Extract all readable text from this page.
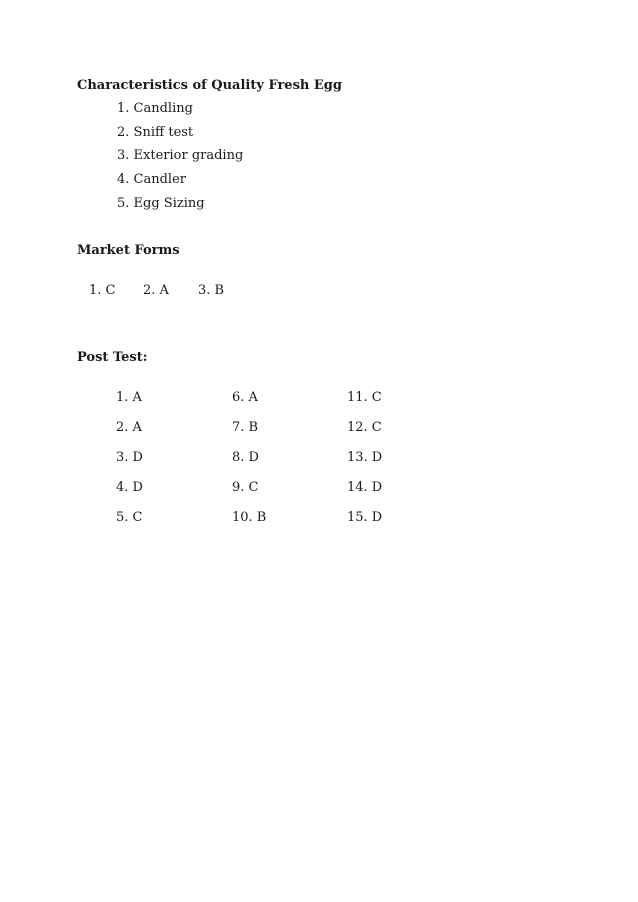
Characteristics of Quality Fresh Egg
1. Candling
2. Sniff test
3. Exterior grading
4. Candler
5. Egg Sizing
Market Forms
1. C 2. A 3. B
Post Test:
1. A
2. A
3. D
4. D
5. C
6. A
7. B
8. D
9. C
10. B
11. C
12. C
13. D
14. D
15. D
